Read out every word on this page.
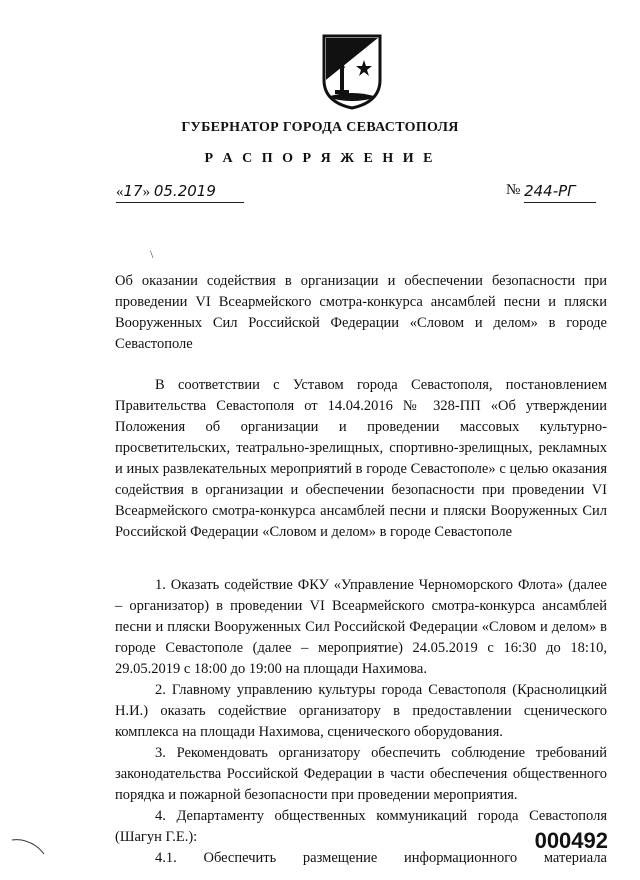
ГУБЕРНАТОР ГОРОДА СЕВАСТОПОЛЯ
Р А С П О Р Я Ж Е Н И Е
«17» 05.2019	№ 244-РГ
\
Об оказании содействия в организации и обеспечении безопасности при проведении VI Всеармейского смотра-конкурса ансамблей песни и пляски Вооруженных Сил Российской Федерации «Словом и делом» в городе Севастополе
В соответствии с Уставом города Севастополя, постановлением Правительства Севастополя от 14.04.2016 № 328-ПП «Об утверждении Положения об организации и проведении массовых культурно-просветительских, театрально-зрелищных, спортивно-зрелищных, рекламных и иных развлекательных мероприятий в городе Севастополе» с целью оказания содействия в организации и обеспечении безопасности при проведении VI Всеармейского смотра-конкурса ансамблей песни и пляски Вооруженных Сил Российской Федерации «Словом и делом» в городе Севастополе

1. Оказать содействие ФКУ «Управление Черноморского Флота» (далее – организатор) в проведении VI Всеармейского смотра-конкурса ансамблей песни и пляски Вооруженных Сил Российской Федерации «Словом и делом» в городе Севастополе (далее – мероприятие) 24.05.2019 с 16:30 до 18:10, 29.05.2019 с 18:00 до 19:00 на площади Нахимова.

2. Главному управлению культуры города Севастополя (Краснолицкий Н.И.) оказать содействие организатору в предоставлении сценического комплекса на площади Нахимова, сценического оборудования.

3. Рекомендовать организатору обеспечить соблюдение требований законодательства Российской Федерации в части обеспечения общественного порядка и пожарной безопасности при проведении мероприятия.

4. Департаменту общественных коммуникаций города Севастополя (Шагун Г.Е.):

4.1. Обеспечить размещение информационного материала

000492
